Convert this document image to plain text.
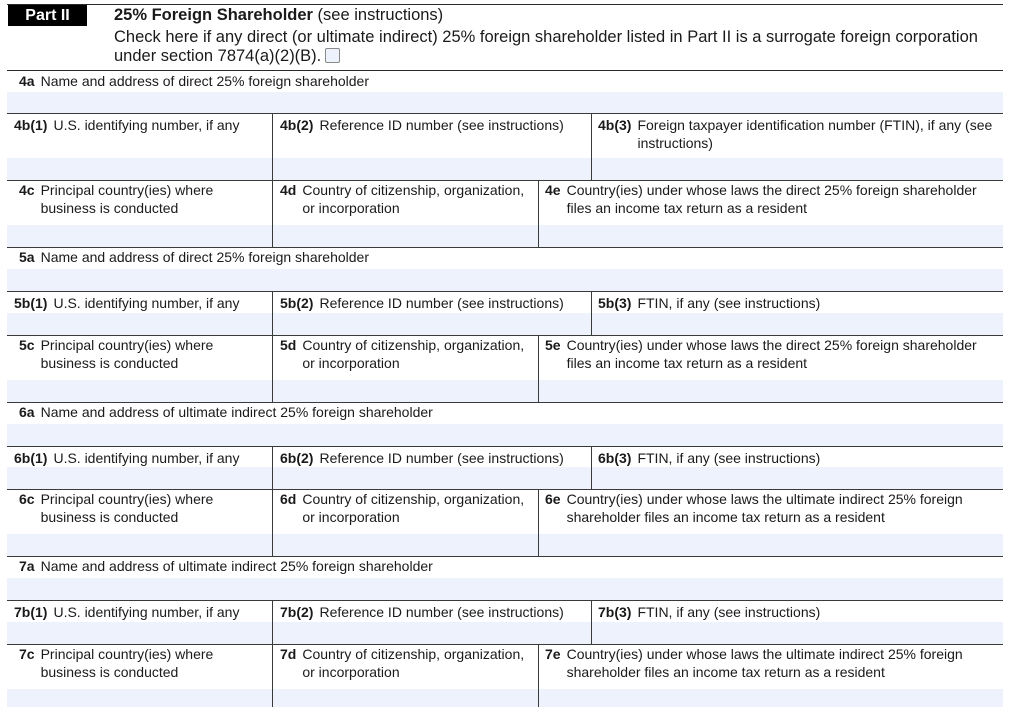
Part II	25% Foreign Shareholder (see instructions)
Check here if any direct (or ultimate indirect) 25% foreign shareholder listed in Part II is a surrogate foreign corporation under section 7874(a)(2)(B).
4a Name and address of direct 25% foreign shareholder
4b(1) U.S. identifying number, if any	4b(2) Reference ID number (see instructions)	4b(3) Foreign taxpayer identification number (FTIN), if any (see instructions)
4c Principal country(ies) where business is conducted
4d Country of citizenship, organization, or incorporation
4e Country(ies) under whose laws the direct 25% foreign shareholder files an income tax return as a resident
5a Name and address of direct 25% foreign shareholder
5b(1) U.S. identifying number, if any	5b(2) Reference ID number (see instructions)	5b(3) FTIN, if any (see instructions)
5c Principal country(ies) where business is conducted
5d Country of citizenship, organization, or incorporation
5e Country(ies) under whose laws the direct 25% foreign shareholder files an income tax return as a resident
6a Name and address of ultimate indirect 25% foreign shareholder
6b(1) U.S. identifying number, if any	6b(2) Reference ID number (see instructions)	6b(3) FTIN, if any (see instructions)
6c Principal country(ies) where business is conducted
6d Country of citizenship, organization, or incorporation
6e Country(ies) under whose laws the ultimate indirect 25% foreign shareholder files an income tax return as a resident
7a Name and address of ultimate indirect 25% foreign shareholder
7b(1) U.S. identifying number, if any	7b(2) Reference ID number (see instructions)	7b(3) FTIN, if any (see instructions)
7c Principal country(ies) where business is conducted
7d Country of citizenship, organization, or incorporation
7e Country(ies) under whose laws the ultimate indirect 25% foreign shareholder files an income tax return as a resident
